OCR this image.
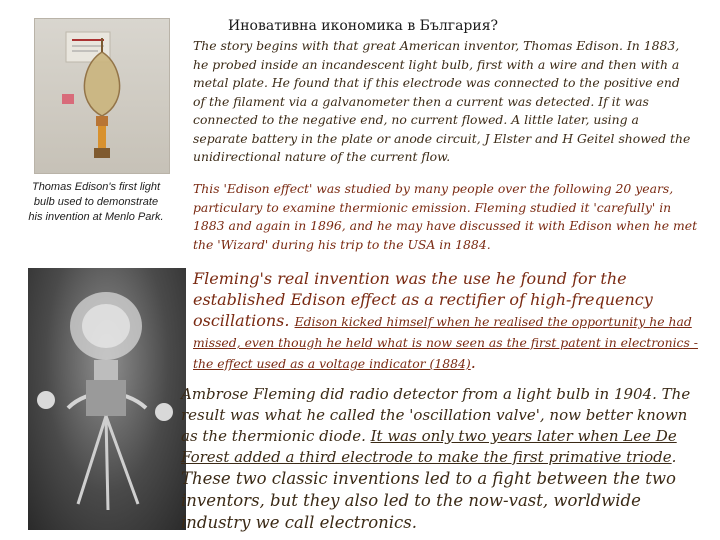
Иновативна икономика в България?
The story begins with that great American inventor, Thomas Edison. In 1883, he probed inside an incandescent light bulb, first with a wire and then with a metal plate. He found that if this electrode was connected to the positive end of the filament via a galvanometer then a current was detected. If it was connected to the negative end, no current flowed. A little later, using a separate battery in the plate or anode circuit, J Elster and H Geitel showed the unidirectional nature of the current flow.
Thomas Edison's first light bulb used to demonstrate his invention at Menlo Park.
This 'Edison effect' was studied by many people over the following 20 years, particulary to examine thermionic emission. Fleming studied it 'carefully' in 1883 and again in 1896, and he may have discussed it with Edison when he met the 'Wizard' during his trip to the USA in 1884.
Fleming's real invention was the use he found for the established Edison effect as a rectifier of high-frequency oscillations. Edison kicked himself when he realised the opportunity he had missed, even though he held what is now seen as the first patent in electronics - the effect used as a voltage indicator (1884).
Ambrose Fleming did radio detector from a light bulb in 1904. The result was what he called the 'oscillation valve', now better known as the thermionic diode. It was only two years later when Lee De Forest added a third electrode to make the first primative triode. These two classic inventions led to a fight between the two inventors, but they also led to the now-vast, worldwide industry we call electronics.
